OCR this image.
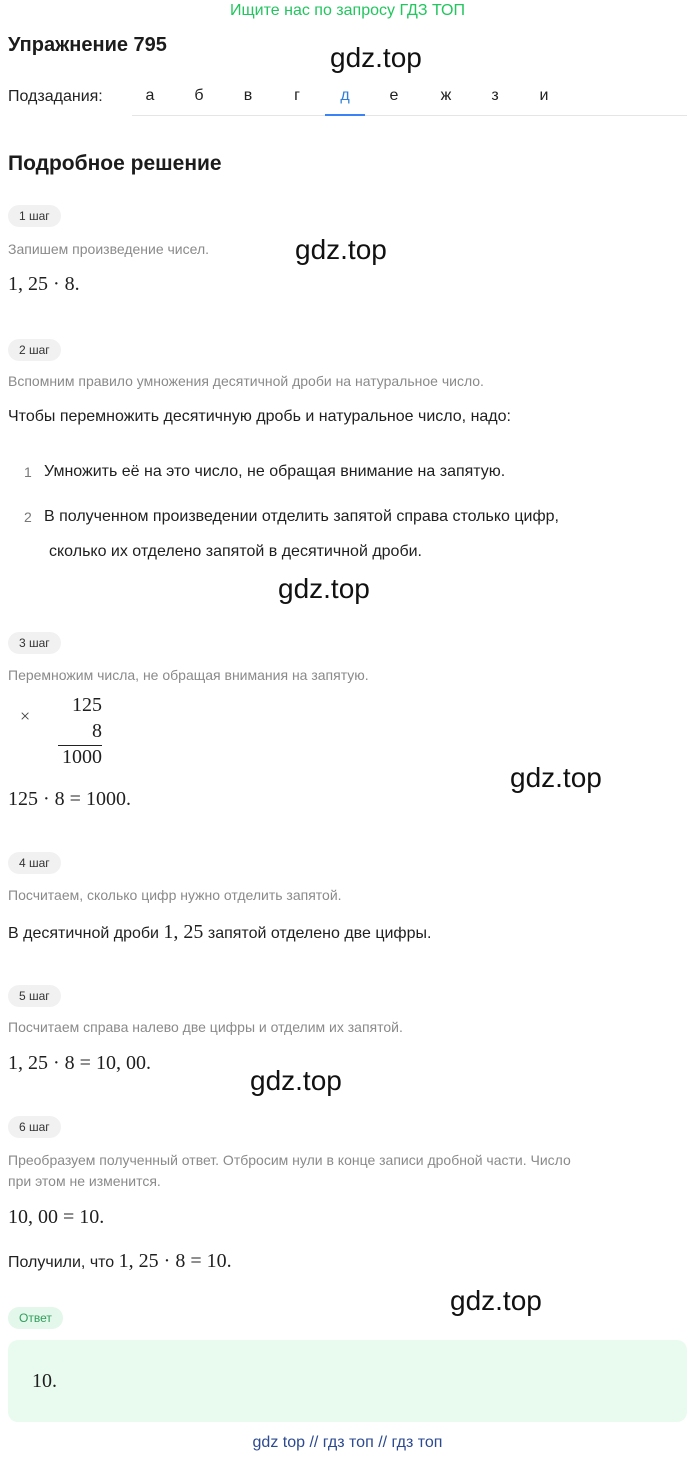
Ищите нас по запросу ГДЗ ТОП
Упражнение 795	gdz.top
Подзадания:	а	б	в	г	д	е	ж	з	и
Подробное решение
1 шаг
Запишем произведение чисел.	gdz.top
1, 25 · 8.
2 шаг
Вспомним правило умножения десятичной дроби на натуральное число.
Чтобы перемножить десятичную дробь и натуральное число, надо:
1 Умножить её на это число, не обращая внимание на запятую.
2 В полученном произведении отделить запятой справа столько цифр,
сколько их отделено запятой в десятичной дроби.
gdz.top
3 шаг
Перемножим числа, не обращая внимания на запятую.
×	125
8
1000
gdz.top
125 · 8 = 1000.
4 шаг
Посчитаем, сколько цифр нужно отделить запятой.
В десятичной дроби 1, 25 запятой отделено две цифры.
5 шаг
Посчитаем справа налево две цифры и отделим их запятой.
1, 25 · 8 = 10, 00.
gdz.top
6 шаг
Преобразуем полученный ответ. Отбросим нули в конце записи дробной части. Число
при этом не изменится.
10, 00 = 10.
Получили, что 1, 25 · 8 = 10.
gdz.top
Ответ
10.
gdz top // гдз топ // гдз топ
